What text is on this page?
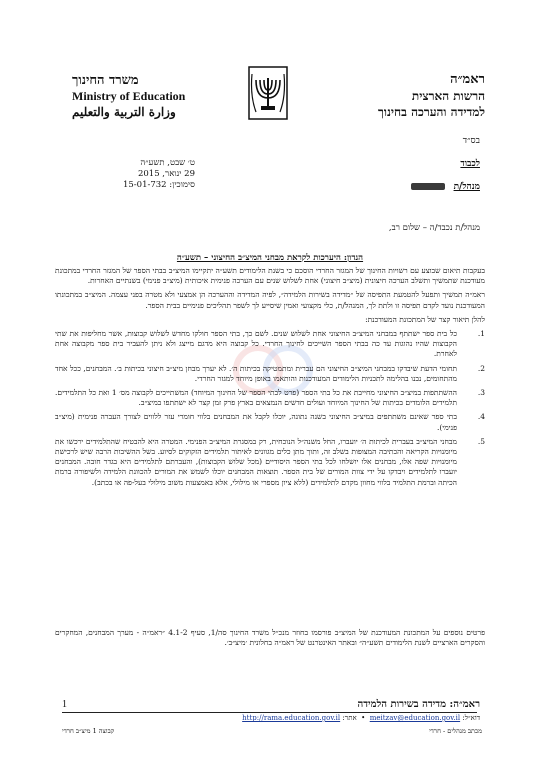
משרד החינוך
Ministry of Education
وزارة التربية والتعليم
ראמ״ה
הרשות הארצית
למדידה והערכה בחינוך
בס״ד
לכבוד
מנהל/ת
ט׳ שבט, תשע״ה
29 ינואר, 2015
סימוכין: 15-01-732
מנהל/ת נכבד/ה – שלום רב,
הנדון: היערכות לקראת מבחני המיצ״ב החיצוני – תשע״ה

בעקבות תיאום שבוצע עם רשויות החינוך של המגזר החרדי הוסכם כי בשנת הלימודים תשע״ה יתקיימו המיצ״ב בבתי הספר של המגזר החרדי במתכונת מעודכנת שתמשיך ותשלב הערכה חיצונית (מיצ״ב חיצוני) אחת לשלוש שנים עם הערכה פנימית איכותית (מיצ״ב פנימי) בשנתיים האחרות.

ראמ״ה תמשיך ותפעל להטמעת התפיסה של ״מדידה בשירות הלמידה״, לפיה המדידה וההערכה הן אמצעי ולא מטרה בפני עצמה. המיצ״ב במתכונתו המעודכנת נועד לקדם תפיסה זו ולתת לך, המנהל/ת, כלי מקצועי ואמין שיסייע לך לשפר תהליכים פנימיים בבית הספר.

להלן תיאור קצר של המתכונת המעודכנת:

1.
כל בית ספר ישתתף במבחני המיצ״ב החיצוני אחת לשלוש שנים. לשם כך, בתי הספר חולקו מחדש לשלוש קבוצות, אשר מחליפות את שתי הקבוצות שהיו נהוגות עד כה בבתי הספר השייכים לחינוך החרדי. כל קבוצה היא מדגם מייצג ולא ניתן להעביר בית ספר מקבוצה אחת לאחרת.
2.
תחומי הדעת שיבדקו במבחני המיצ״ב החיצוני הם עברית ומתמטיקה בכיתות ה׳. לא יערך מבחן מיצ״ב חיצוני בכיתות ב׳. המבחנים, ככל אחד מהתחומים, נבנו בהלימה לתכניות הלימודים המעודכנות והותאמו באופן מיוחד למגזר החרדי.
3.
ההשתתפות במיצ״ב החיצוני מחייבת את כל בתי הספר (פרט לבתי הספר של החינוך המיוחד) המשתייכים לקבוצה מס׳ 1 ואת כל התלמידים. תלמידים הלומדים בכיתות של החינוך המיוחד ועולים חדשים הנמצאים בארץ פרק זמן קצר לא ישתתפו במיצ״ב.
4.
בתי ספר שאינם משתתפים במיצ״ב החיצוני בשנה נתונה, יוכלו לקבל את המבחנים בלווי חומרי עזר ללווים לצורך העברה פנימית (מיצ״ב פנימי).
5.
מבחני המיצ״ב בעברית לכיתות ה׳ יועברו, החל משנה״ל הנוכחית, רק במסגרת המיצ״ב הפנימי. המטרה היא להבטיח שהתלמידים ירכשו את מיומנויות הקריאה והכתיבה המצופות בשלב זה, ותוך מתן כלים מגוונים לאיתור תלמידים הזקוקים לסיוע. בשל ההשיבות הרבה שיש לרכישת מיומנויות שפה אלו, מבחנים אלו יושלחו לכל בתי הספר היסודיים (מכל שלוש הקבוצות), והעברתם לתלמידים היא בגדר חובה. המבחנים יועברו לתלמידים ויבדקו על ידי צוות המורים של בית הספר. תוצאות המבחנים יוכלו לשמש את המורים להכוונת הלמידה ולשיפורה ברמת הכיתה וברמת התלמיד בלווי מחוון מקדם לתלמידים (ללא ציון מספרי או מילולי, אלא באמצעות משוב מילולי בעל-פה או בכתב).
פרטים נוספים על המתכונת המעודכנת של המיצ״ב פורסמו בחוזר מנכ״ל משרד החינוך סה/1, סעיף 4.1-2 ״ראמ״ה - מערך המבחנים, המחקרים והסקרים הארציים לשנת הלימודים תשע״ה״ ובאתר האינטרנט של ראמ״ה בחלונית ׳מיצ״ב׳.
1	ראמ״ה: מדידה בשירות הלמידה
דוא״ל: meitzav@education.gov.il  •  אתר: http://rama.education.gov.il
מכתב מנהלים - חרדי
קבוצה 1 מיצ״ב חרדי
